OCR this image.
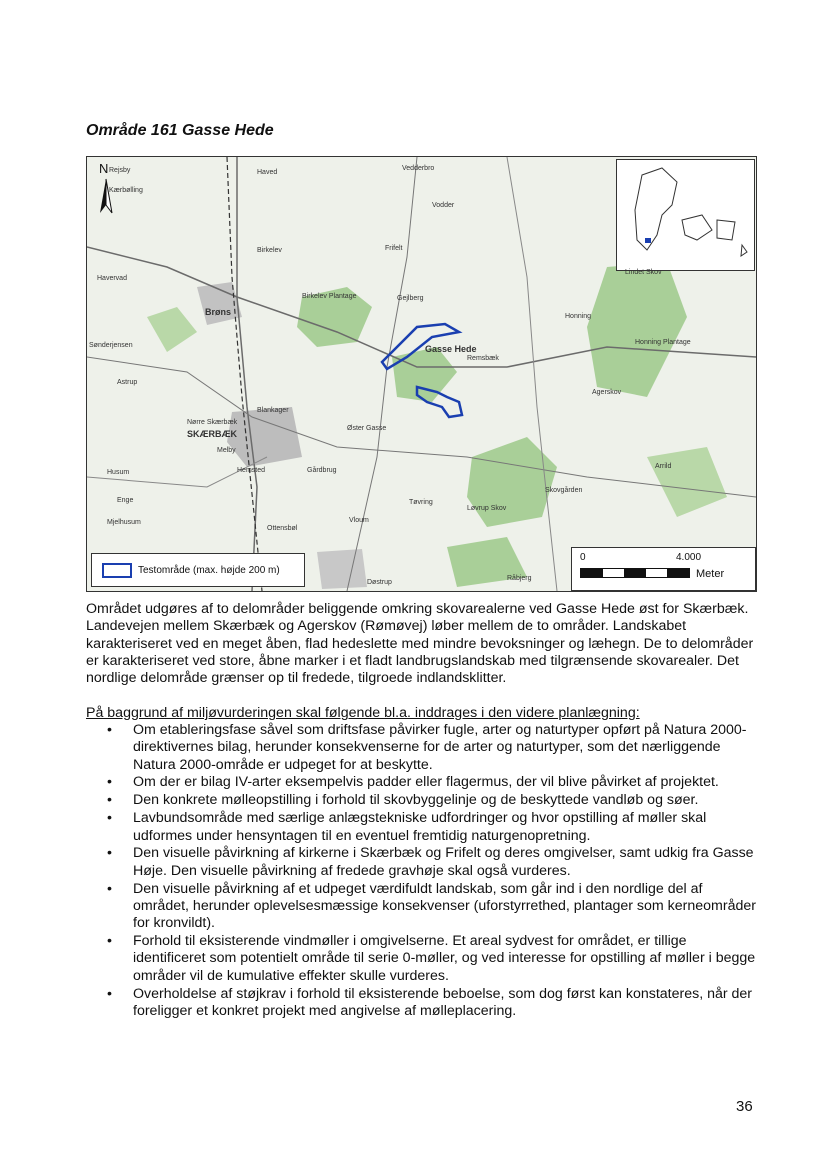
Område 161 Gasse Hede
N Rejsby
Kærbølling
Haved
Vedderbro
Vodder
Birkelev	Frifelt
Havervad
Brøns
Birkelev Plantage	Gejlberg
Gasse Hede
Sønderjensen
Astrup
Blankager
Nørre Skærbæk
SKÆRBÆK
Melby
Øster Gasse
Husum	Hemsted	Gårdbrug
Enge
Mjelhusum
Ottensbøl
Vloum
Tøvring
Løvrup Skov
Døstrup
Råbjerg
Honning
Honning Plantage
Lindet Skov
Arrild
Skovgården
Remsbæk
Agerskov
Testområde (max. højde 200 m)
0	4.000
Meter

Området udgøres af to delområder beliggende omkring skovarealerne ved Gasse Hede øst for Skærbæk. Landevejen mellem Skærbæk og Agerskov (Rømøvej) løber mellem de to områder. Landskabet karakteriseret ved en meget åben, flad hedeslette med mindre bevoksninger og læhegn. De to delområder er karakteriseret ved store, åbne marker i et fladt landbrugslandskab med tilgrænsende skovarealer. Det nordlige delområde grænser op til fredede, tilgroede indlandsklitter.

På baggrund af miljøvurderingen skal følgende bl.a. inddrages i den videre planlægning:
• Om etableringsfase såvel som driftsfase påvirker fugle, arter og naturtyper opført på Natura 2000-direktivernes bilag, herunder konsekvenserne for de arter og naturtyper, som det nærliggende Natura 2000-område er udpeget for at beskytte.
• Om der er bilag IV-arter eksempelvis padder eller flagermus, der vil blive påvirket af projektet.
• Den konkrete mølleopstilling i forhold til skovbyggelinje og de beskyttede vandløb og søer.
• Lavbundsområde med særlige anlægstekniske udfordringer og hvor opstilling af møller skal udformes under hensyntagen til en eventuel fremtidig naturgenopretning.
• Den visuelle påvirkning af kirkerne i Skærbæk og Frifelt og deres omgivelser, samt udkig fra Gasse Høje. Den visuelle påvirkning af fredede gravhøje skal også vurderes.
• Den visuelle påvirkning af et udpeget værdifuldt landskab, som går ind i den nordlige del af området, herunder oplevelsesmæssige konsekvenser (uforstyrrethed, plantager som kerneområder for kronvildt).
• Forhold til eksisterende vindmøller i omgivelserne. Et areal sydvest for området, er tillige identificeret som potentielt område til serie 0-møller, og ved interesse for opstilling af møller i begge områder vil de kumulative effekter skulle vurderes.
• Overholdelse af støjkrav i forhold til eksisterende beboelse, som dog først kan konstateres, når der foreligger et konkret projekt med angivelse af mølleplacering.
36
